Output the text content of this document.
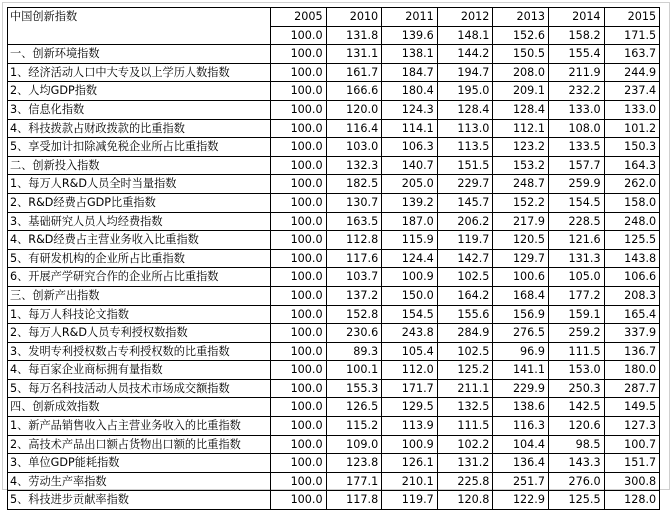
中国创新指数	2005	2010	2011	2012	2013	2014	2015
	100.0	131.8	139.6	148.1	152.6	158.2	171.5
一、创新环境指数	100.0	131.1	138.1	144.2	150.5	155.4	163.7
1、经济活动人口中大专及以上学历人数指数	100.0	161.7	184.7	194.7	208.0	211.9	244.9
2、人均GDP指数	100.0	166.6	180.4	195.0	209.1	232.2	237.4
3、信息化指数	100.0	120.0	124.3	128.4	128.4	133.0	133.0
4、科技拨款占财政拨款的比重指数	100.0	116.4	114.1	113.0	112.1	108.0	101.2
5、享受加计扣除减免税企业所占比重指数	100.0	103.0	106.3	113.5	123.2	133.5	150.3
二、创新投入指数	100.0	132.3	140.7	151.5	153.2	157.7	164.3
1、每万人R&D人员全时当量指数	100.0	182.5	205.0	229.7	248.7	259.9	262.0
2、R&D经费占GDP比重指数	100.0	130.7	139.2	145.7	152.2	154.5	158.0
3、基础研究人员人均经费指数	100.0	163.5	187.0	206.2	217.9	228.5	248.0
4、R&D经费占主营业务收入比重指数	100.0	112.8	115.9	119.7	120.5	121.6	125.5
5、有研发机构的企业所占比重指数	100.0	117.6	124.4	142.7	129.7	131.3	143.8
6、开展产学研究合作的企业所占比重指数	100.0	103.7	100.9	102.5	100.6	105.0	106.6
三、创新产出指数	100.0	137.2	150.0	164.2	168.4	177.2	208.3
1、每万人科技论文指数	100.0	152.8	154.5	155.6	156.9	159.1	165.4
2、每万人R&D人员专利授权数指数	100.0	230.6	243.8	284.9	276.5	259.2	337.9
3、发明专利授权数占专利授权数的比重指数	100.0	89.3	105.4	102.5	96.9	111.5	136.7
4、每百家企业商标拥有量指数	100.0	100.1	112.0	125.2	141.1	153.0	180.0
5、每万名科技活动人员技术市场成交额指数	100.0	155.3	171.7	211.1	229.9	250.3	287.7
四、创新成效指数	100.0	126.5	129.5	132.5	138.6	142.5	149.5
1、新产品销售收入占主营业务收入的比重指数	100.0	115.2	113.9	111.5	116.3	120.6	127.3
2、高技术产品出口额占货物出口额的比重指数	100.0	109.0	100.9	102.2	104.4	98.5	100.7
3、单位GDP能耗指数	100.0	123.8	126.1	131.2	136.4	143.3	151.7
4、劳动生产率指数	100.0	177.1	210.1	225.8	251.7	276.0	300.8
5、科技进步贡献率指数	100.0	117.8	119.7	120.8	122.9	125.5	128.0
